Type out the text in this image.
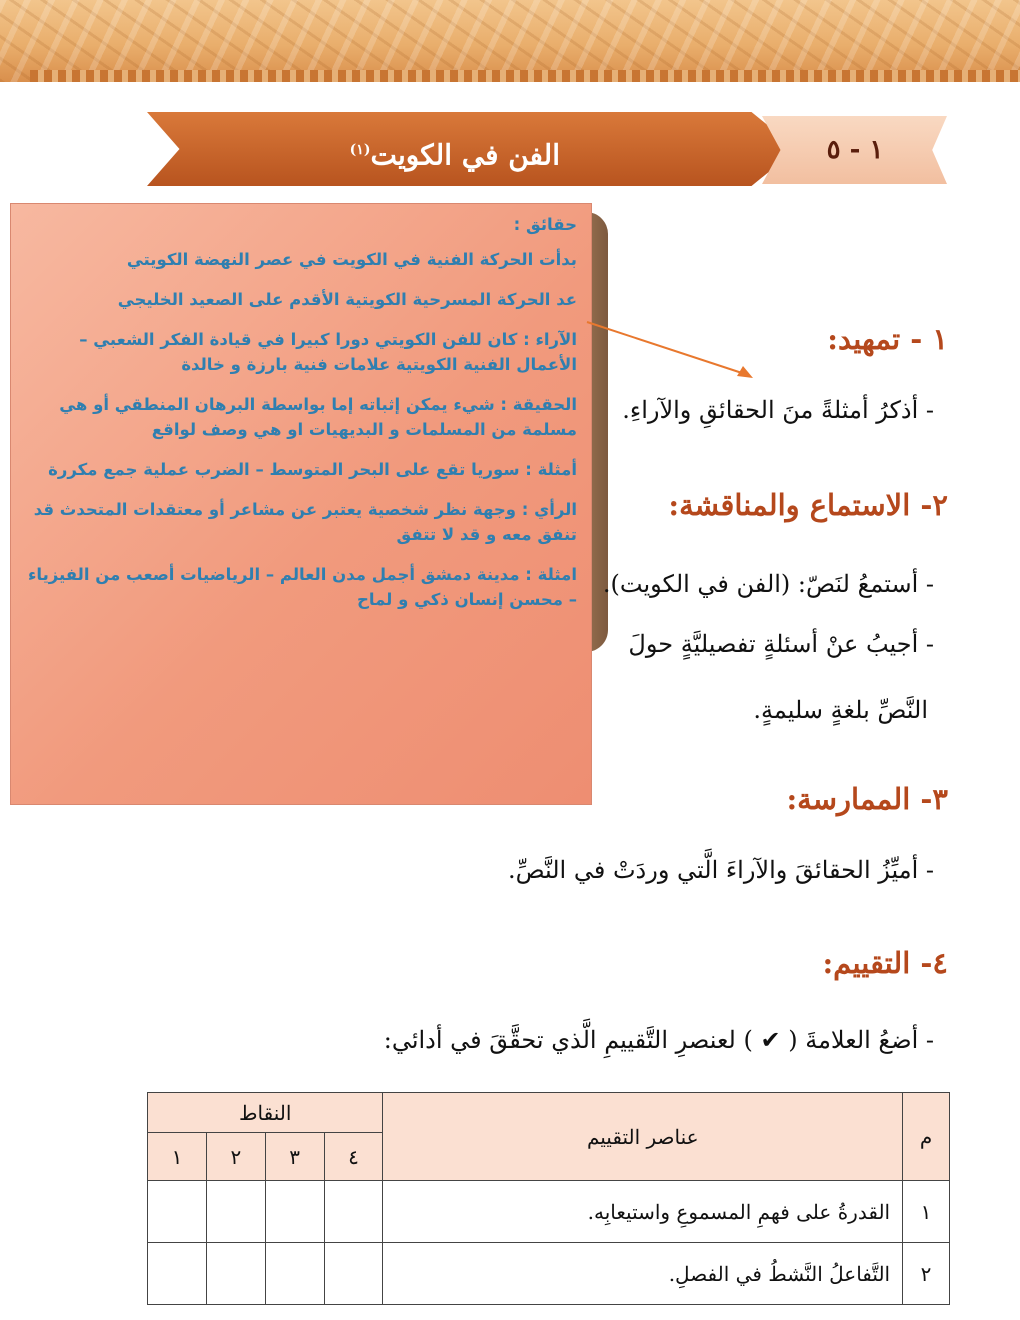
الفن في الكويت$^{(١)}$	١ - ٥

حقائق :

بدأت الحركة الفنية في الكويت في عصر النهضة الكويتي

عد الحركة المسرحية الكويتية الأقدم على الصعيد الخليجي

الآراء : كان للفن الكويتي دورا كبيرا في قيادة الفكر الشعبي – الأعمال الفنية الكويتية علامات فنية بارزة و خالدة

الحقيقة : شيء يمكن إثباته إما بواسطة البرهان المنطقي أو هي مسلمة من المسلمات و البديهيات او هي وصف لواقع

أمثلة : سوريا تقع على البحر المتوسط – الضرب عملية جمع مكررة

الرأي : وجهة نظر شخصية يعتبر عن مشاعر أو معتقدات المتحدث قد تنفق معه و قد لا تتفق

امثلة : مدينة دمشق أجمل مدن العالم – الرياضيات أصعب من الفيزياء – محسن إنسان ذكي و لماح

١ - تمهيد:
- أذكرُ أمثلةً منَ الحقائقِ والآراءِ.
٢- الاستماع والمناقشة:
- أستمعُ لنَصّ: (الفن في الكويت).
- أجيبُ عنْ أسئلةٍ تفصيليَّةٍ حولَ
النَّصِّ بلغةٍ سليمةٍ.
٣- الممارسة:
- أميِّزُ الحقائقَ والآراءَ الَّتي وردَتْ في النَّصِّ.
٤- التقييم:
- أضعُ العلامةَ ( ✔ ) لعنصرِ التَّقييمِ الَّذي تحقَّقَ في أدائي:
م	عناصر التقييم	النقاط			
		٤	٣	٢	١
١	القدرةُ على فهمِ المسموعِ واستيعابِه.				
٢	التَّفاعلُ النَّشطُ في الفصلِ.				
